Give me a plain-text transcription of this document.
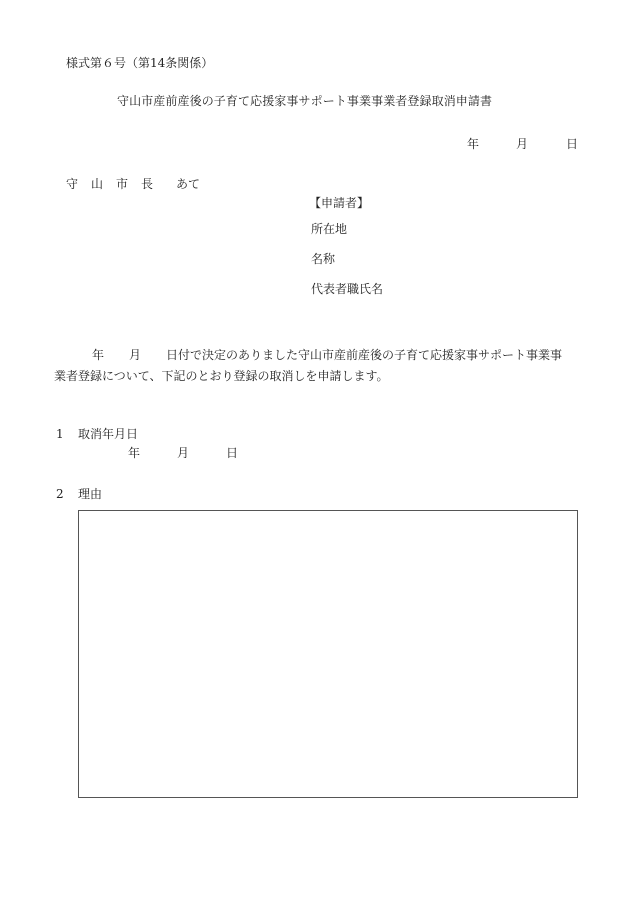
様式第６号（第14条関係）
守山市産前産後の子育て応援家事サポート事業事業者登録取消申請書
年	月	日
守 山 市 長 あて
【申請者】
所在地
名称
代表者職氏名
年 月 日付で決定のありました守山市産前産後の子育て応援家事サポート事業事
業者登録について、下記のとおり登録の取消しを申請します。
1 取消年月日
年	月	日
2 理由
